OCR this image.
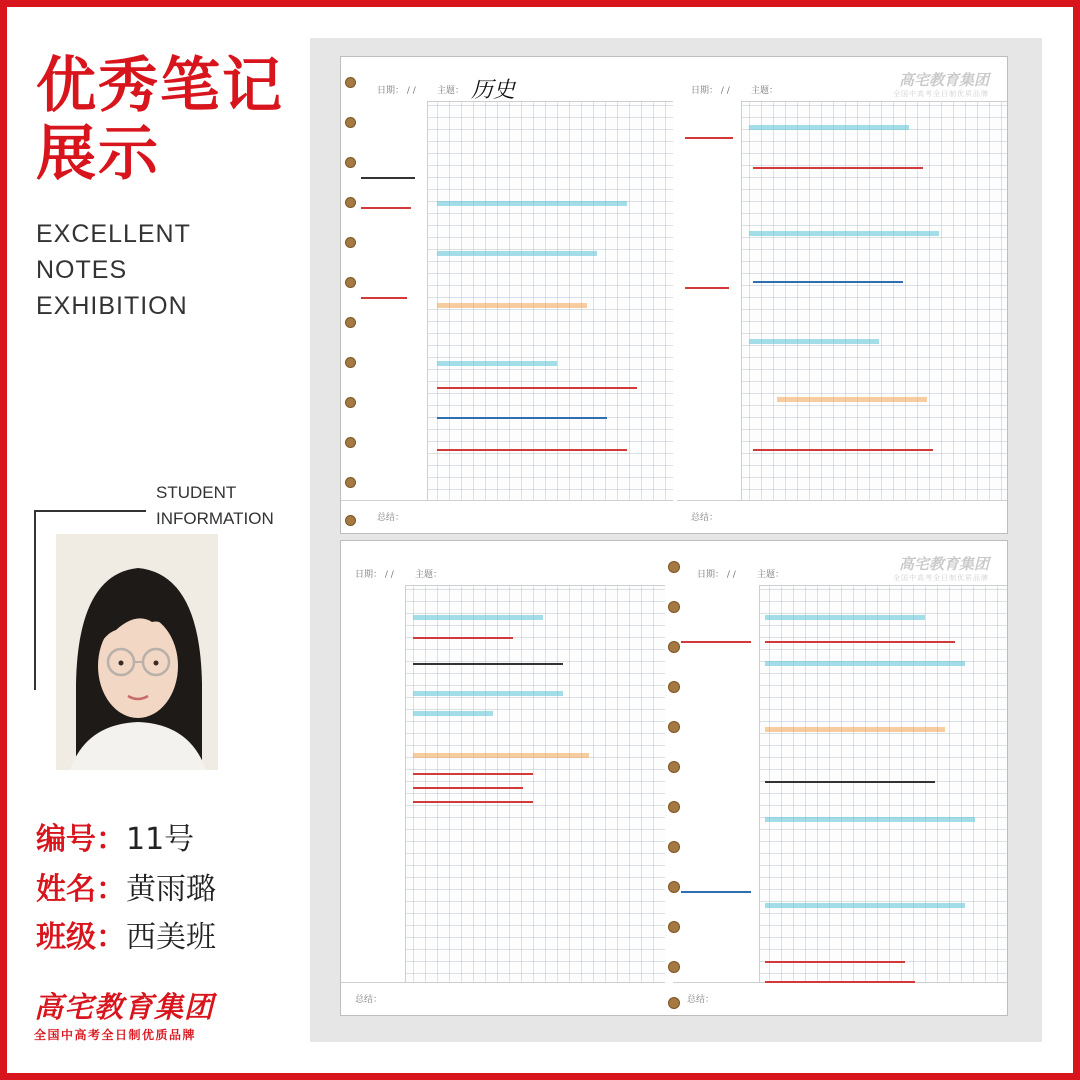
优秀笔记
展示
EXCELLENT
NOTES
EXHIBITION
STUDENT
INFORMATION
编号：11号
姓名：黄雨璐
班级：西美班
高宅教育集团
全国中高考全日制优质品牌
日期： / / 主题： 历史
总结：
日期： / / 主题：
高宅教育集团
全国中高考全日制优质品牌
总结：
日期： / / 主题：
总结：
日期： / / 主题：
高宅教育集团
全国中高考全日制优质品牌
总结：
